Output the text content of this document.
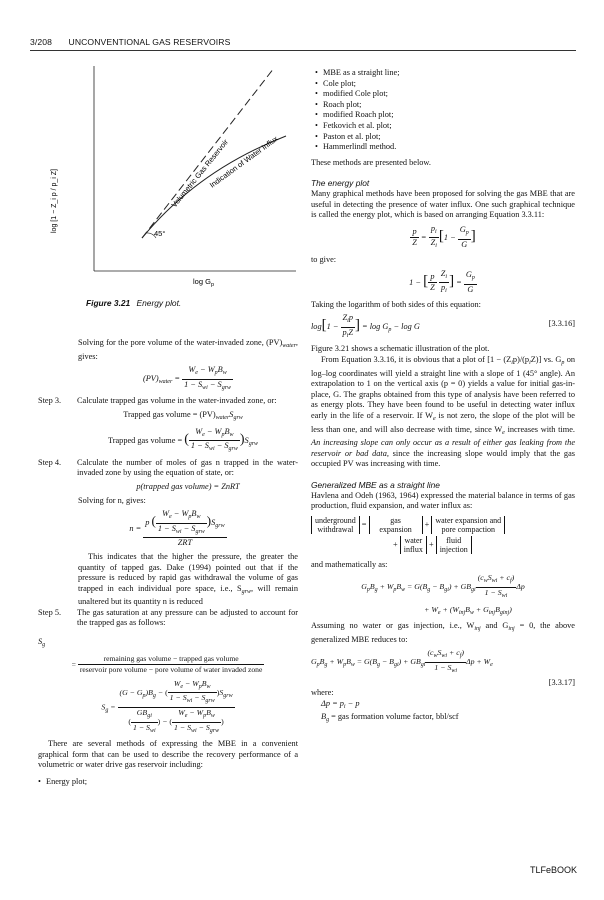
3/208 UNCONVENTIONAL GAS RESERVOIRS
45°
Volumetric Gas Reservoir
Indication of Water Influx
log [1 − Z_i p / p_i Z]
$\log G_p$
Figure 3.21 Energy plot.

Solving for the pore volume of the water-invaded zone, $(PV)_{water}$, gives:

$(PV)_{water} = \frac{W_e - W_pB_w}{1 - S_{wi} - S_{grw}}$
Step 3. Calculate trapped gas volume in the water-invaded zone, or:
Trapped gas volume = $(PV)_{water}S_{grw}$
Trapped gas volume = ( $\frac{W_e - W_pB_w}{1 - S_{wi} - S_{grw}} )S_{grw}$
Step 4. Calculate the number of moles of gas n trapped in the water-invaded zone by using the equation of state, or:
p(trapped gas volume) = ZnRT

Solving for n, gives:

$n = \frac{p ( \frac{W_e - W_pB_w}{1 - S_{wi} - S_{grw}} )S_{grw}}{\text{ZRT}}$

This indicates that the higher the pressure, the greater the quantity of tapped gas. Dake (1994) pointed out that if the pressure is reduced by rapid gas withdrawal the volume of gas trapped in each individual pore space, i.e., $S_{grw}$, will remain unaltered but its quantity n is reduced

Step 5. The gas saturation at any pressure can be adjusted to account for the trapped gas as follows:
$S_g$
= $\frac{\text{remaining gas volume − trapped gas volume}}{\text{reservoir pore volume − pore volume of water invaded zone}}$
$S_g = \frac{(G - G_p)B_g - ( \frac{W_e - W_pB_w}{1 - S_{wi} - S_{grw}} )S_{grw}}{( \frac{GB_{gi}}{1 - S_{wi}} ) - ( \frac{W_e - W_pB_w}{1 - S_{wi} - S_{grw}} )}$

There are several methods of expressing the MBE in a convenient graphical form that can be used to describe the recovery performance of a volumetric or water drive gas reservoir including:

• Energy plot;

• MBE as a straight line;

• Cole plot;

• modified Cole plot;

• Roach plot;

• modified Roach plot;

• Fetkovich et al. plot;

• Paston et al. plot;

• Hammerlindl method.

These methods are presented below.

The energy plot

Many graphical methods have been proposed for solving the gas MBE that are useful in detecting the presence of water influx. One such graphical technique is called the energy plot, which is based on arranging Equation 3.3.11:

$\frac{p}{Z} = \frac{p_i}{Z_i} [1 - \frac{G_p}{G}$ ]

to give:

1 − [ $\frac{p}{Z}$
$\frac{Z_i}{p_i}$ ] = $\frac{G_p}{G}$

Taking the logarithm of both sides of this equation:

$\log[1 - \frac{Z_ip}{p_iZ}$ ] = $\log G_p - \log G$	[3.3.16]

Figure 3.21 shows a schematic illustration of the plot.

From Equation 3.3.16, it is obvious that a plot of $[1 - (Z_ip)/(p_iZ)]$ vs. $G_p$ on log–log coordinates will yield a straight line with a slope of 1 (45° angle). An extrapolation to 1 on the vertical axis (p = 0) yields a value for initial gas-in-place, G. The graphs obtained from this type of analysis have been referred to as energy plots. They have been found to be useful in detecting water influx early in the life of a reservoir. If $W_e$ is not zero, the slope of the plot will be less than one, and will also decrease with time, since $W_e$ increases with time. An increasing slope can only occur as a result of either gas leaking from the reservoir or bad data, since the increasing slope would imply that the gas occupied PV was increasing with time.

Generalized MBE as a straight line

Havlena and Odeh (1963, 1964) expressed the material balance in terms of gas production, fluid expansion, and water influx as:

underground
withdrawal =	gas
expansion + water expansion and
pore compaction
+ water
influx + fluid
injection

and mathematically as:

$G_pB_g + W_pB_w = G(B_g - B_{gi}) + GB_{gi} \frac{(c_wS_{wi} + c_f)}{1 - S_{wi}}$ Δp
+ $W_e + (W_{inj}B_w + G_{inj}B_{ginj})$

Assuming no water or gas injection, i.e., $W_{inj}$ and $G_{inj} = 0$, the above generalized MBE reduces to:

$G_pB_g + W_pB_w = G(B_g - B_{gi}) + GB_{gi} \frac{(c_wS_{wi} + c_f)}{1 - S_{wi}}$ $\Delta p + W_e$
[3.3.17]

where:

$\Delta p = p_i - p$

$B_g$ = gas formation volume factor, bbl/scf

TLFeBOOK
